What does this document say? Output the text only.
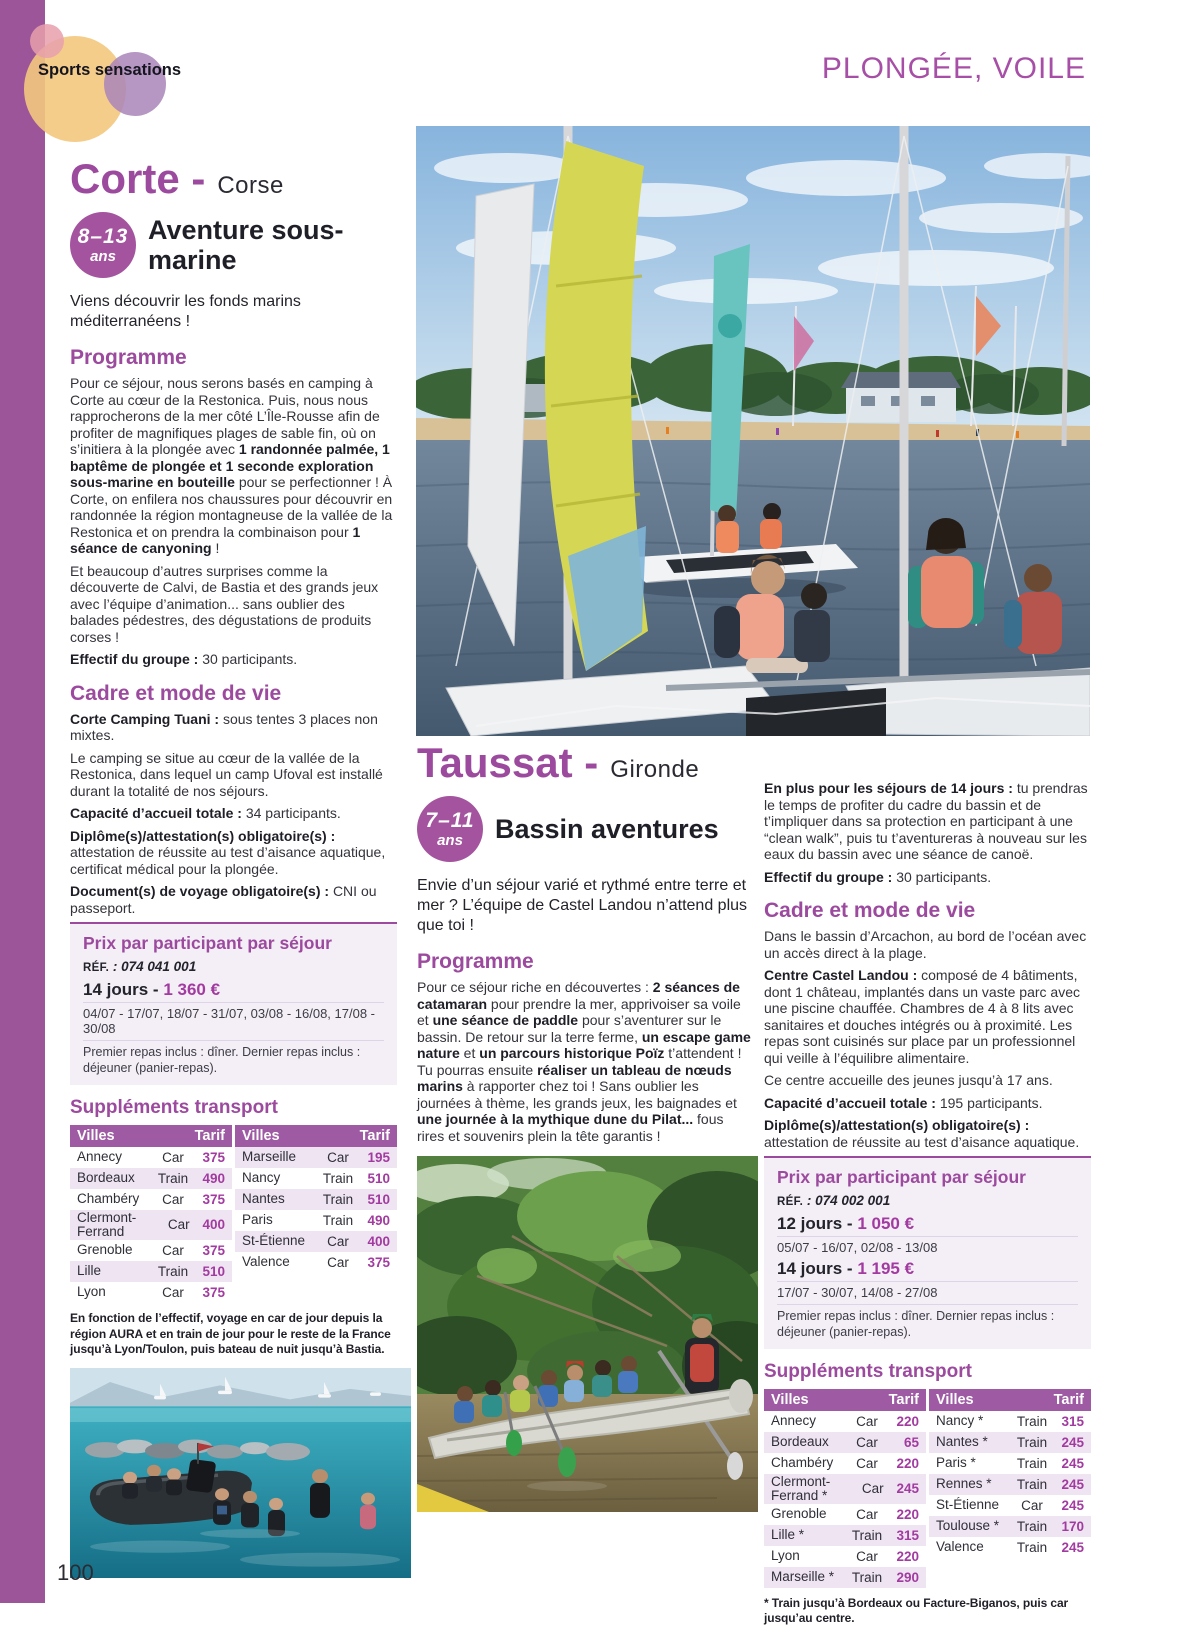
Sports sensations	PLONGÉE, VOILE
Corte - Corse
8–13
ans
Aventure sous-marine

Viens découvrir les fonds marins méditerranéens !

Programme

Pour ce séjour, nous serons basés en camping à Corte au cœur de la Restonica. Puis, nous nous rapprocherons de la mer côté L’Île-Rousse afin de profiter de magnifiques plages de sable fin, où on s’initiera à la plongée avec 1 randonnée palmée, 1 baptême de plongée et 1 seconde exploration sous-marine en bouteille pour se perfectionner ! À Corte, on enfilera nos chaussures pour découvrir en randonnée la région montagneuse de la vallée de la Restonica et on prendra la combinaison pour 1 séance de canyoning !

Et beaucoup d’autres surprises comme la découverte de Calvi, de Bastia et des grands jeux avec l’équipe d’animation... sans oublier des balades pédestres, des dégustations de produits corses !

Effectif du groupe : 30 participants.

Cadre et mode de vie

Corte Camping Tuani : sous tentes 3 places non mixtes.

Le camping se situe au cœur de la vallée de la Restonica, dans lequel un camp Ufoval est installé durant la totalité de nos séjours.

Capacité d’accueil totale : 34 participants.

Diplôme(s)/attestation(s) obligatoire(s) : attestation de réussite au test d’aisance aquatique, certificat médical pour la plongée.

Document(s) de voyage obligatoire(s) : CNI ou passeport.

Prix par participant par séjour
RÉF. : 074 041 001
14 jours - 1 360 €
04/07 - 17/07, 18/07 - 31/07, 03/08 - 16/08, 17/08 - 30/08
Premier repas inclus : dîner. Dernier repas inclus : déjeuner (panier-repas).
Suppléments transport
Villes	Tarif
Annecy	Car	375
Bordeaux	Train	490
Chambéry	Car	375
Clermont-Ferrand	Car 400
Grenoble	Car	375
Lille	Train	510
Lyon	Car	375
Villes	Tarif
Marseille	Car	195
Nancy	Train	510
Nantes	Train	510
Paris	Train	490
St-Étienne	Car	400
Valence	Car	375

En fonction de l’effectif, voyage en car de jour depuis la région AURA et en train de jour pour le reste de la France jusqu’à Lyon/Toulon, puis bateau de nuit jusqu’à Bastia.

Taussat - Gironde
7–11
ans Bassin aventures

Envie d’un séjour varié et rythmé entre terre et mer ? L’équipe de Castel Landou n’attend plus que toi !

Programme

Pour ce séjour riche en découvertes : 2 séances de catamaran pour prendre la mer, apprivoiser sa voile et une séance de paddle pour s’aventurer sur le bassin. De retour sur la terre ferme, un escape game nature et un parcours historique Poïz t’attendent ! Tu pourras ensuite réaliser un tableau de nœuds marins à rapporter chez toi ! Sans oublier les journées à thème, les grands jeux, les baignades et une journée à la mythique dune du Pilat... fous rires et souvenirs plein la tête garantis !

En plus pour les séjours de 14 jours : tu prendras le temps de profiter du cadre du bassin et de t’impliquer dans sa protection en participant à une “clean walk”, puis tu t’aventureras à nouveau sur les eaux du bassin avec une séance de canoë.

Effectif du groupe : 30 participants.

Cadre et mode de vie

Dans le bassin d’Arcachon, au bord de l’océan avec un accès direct à la plage.

Centre Castel Landou : composé de 4 bâtiments, dont 1 château, implantés dans un vaste parc avec une piscine chauffée. Chambres de 4 à 8 lits avec sanitaires et douches intégrés ou à proximité. Les repas sont cuisinés sur place par un professionnel qui veille à l’équilibre alimentaire.

Ce centre accueille des jeunes jusqu’à 17 ans.

Capacité d’accueil totale : 195 participants.

Diplôme(s)/attestation(s) obligatoire(s) : attestation de réussite au test d’aisance aquatique.

Prix par participant par séjour
RÉF. : 074 002 001
12 jours - 1 050 €
05/07 - 16/07, 02/08 - 13/08
14 jours - 1 195 €
17/07 - 30/07, 14/08 - 27/08
Premier repas inclus : dîner. Dernier repas inclus : déjeuner (panier-repas).
Suppléments transport
Villes	Tarif
Annecy	Car	220
Bordeaux	Car	65
Chambéry	Car	220
Clermont-Ferrand *	Car 245
Grenoble	Car	220
Lille *	Train	315
Lyon	Car	220
Marseille *	Train	290
Villes	Tarif
Nancy *	Train	315
Nantes *	Train	245
Paris *	Train	245
Rennes *	Train	245
St-Étienne	Car	245
Toulouse *	Train	170
Valence	Train	245

* Train jusqu’à Bordeaux ou Facture-Biganos, puis car jusqu’au centre.

100
